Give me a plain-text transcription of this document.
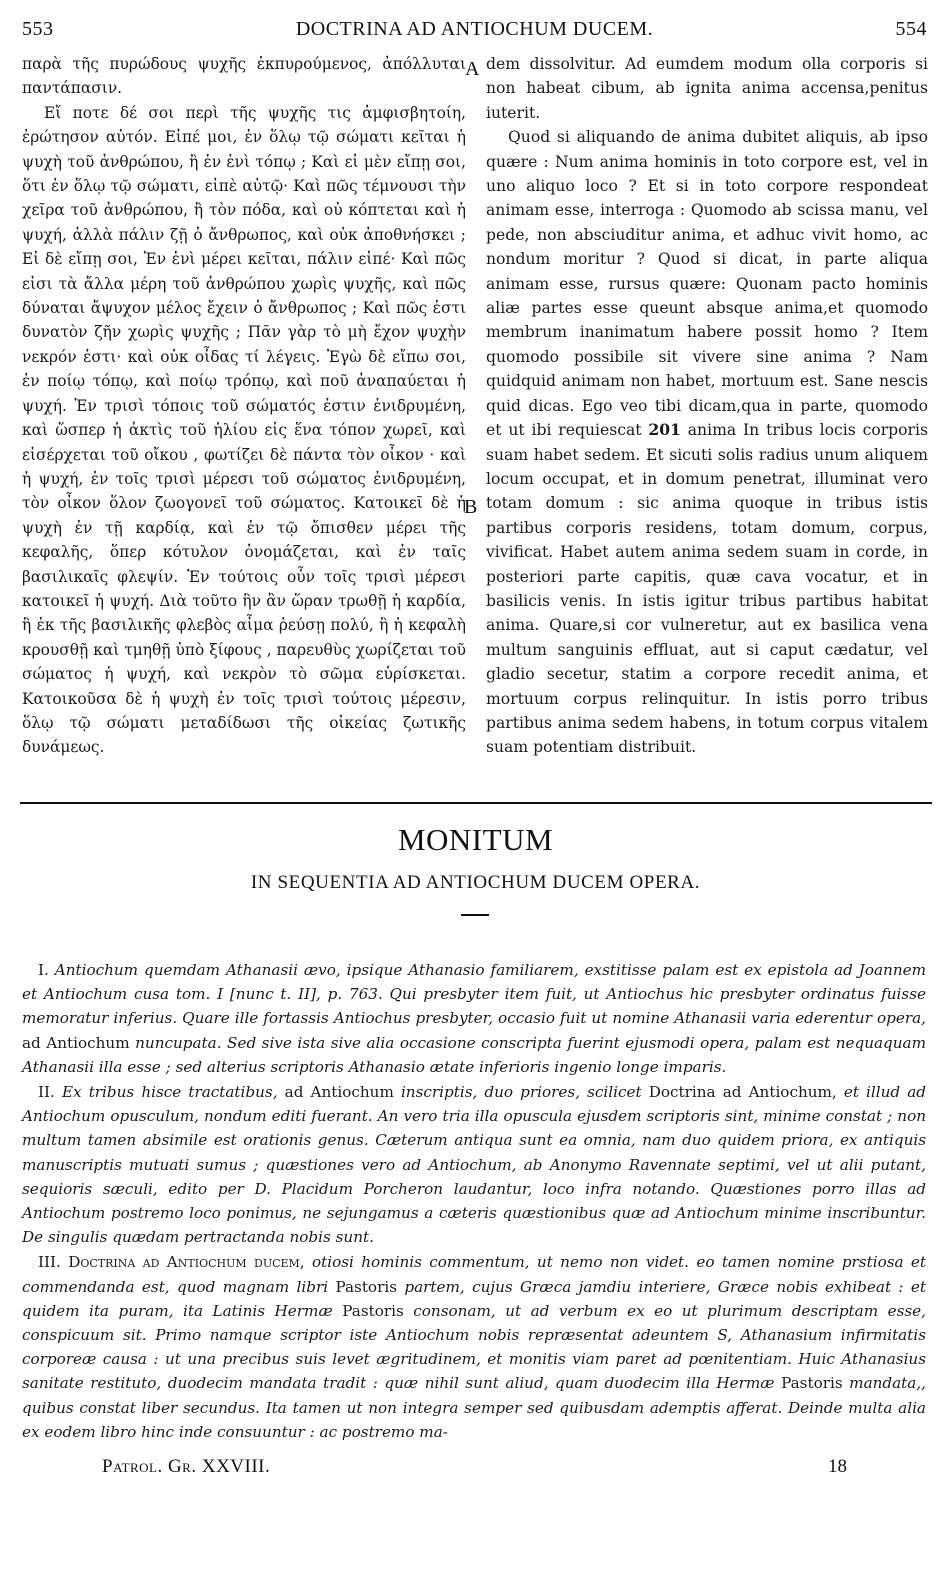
553	DOCTRINA AD ANTIOCHUM DUCEM.	554

παρὰ τῆς πυρώδους ψυχῆς ἐκπυρούμενος, ἀπόλλυται παντάπασιν.

Εἴ ποτε δέ σοι περὶ τῆς ψυχῆς τις ἀμφισβητοίη, ἐρώτησον αὐτόν. Εἰπέ μοι, ἐν ὅλῳ τῷ σώματι κεῖται ἡ ψυχὴ τοῦ ἀνθρώπου, ἢ ἐν ἑνὶ τόπῳ ; Καὶ εἰ μὲν εἴπῃ σοι, ὅτι ἐν ὅλῳ τῷ σώματι, εἰπὲ αὐτῷ· Καὶ πῶς τέμνουσι τὴν χεῖρα τοῦ ἀνθρώπου, ἢ τὸν πόδα, καὶ οὐ κόπτεται καὶ ἡ ψυχή, ἀλλὰ πάλιν ζῇ ὁ ἄνθρωπος, καὶ οὐκ ἀποθνήσκει ; Εἰ δὲ εἴπῃ σοι, Ἐν ἑνὶ μέρει κεῖται, πάλιν εἰπέ· Καὶ πῶς εἰσι τὰ ἄλλα μέρη τοῦ ἀνθρώπου χωρὶς ψυχῆς, καὶ πῶς δύναται ἄψυχον μέλος ἔχειν ὁ ἄνθρωπος ; Καὶ πῶς ἐστι δυνατὸν ζῆν χωρὶς ψυχῆς ; Πᾶν γὰρ τὸ μὴ ἔχον ψυχὴν νεκρόν ἐστι· καὶ οὐκ οἶδας τί λέγεις. Ἐγὼ δὲ εἴπω σοι, ἐν ποίῳ τόπῳ, καὶ ποίῳ τρόπῳ, καὶ ποῦ ἀναπαύεται ἡ ψυχή. Ἐν τρισὶ τόποις τοῦ σώματός ἐστιν ἐνιδρυμένη, καὶ ὥσπερ ἡ ἀκτὶς τοῦ ἡλίου εἰς ἕνα τόπον χωρεῖ, καὶ εἰσέρχεται τοῦ οἴκου , φωτίζει δὲ πάντα τὸν οἶκον · καὶ ἡ ψυχή, ἐν τοῖς τρισὶ μέρεσι τοῦ σώματος ἐνιδρυμένη, τὸν οἶκον ὅλον ζωογονεῖ τοῦ σώματος. Κατοικεῖ δὲ ἡ ψυχὴ ἐν τῇ καρδίᾳ, καὶ ἐν τῷ ὄπισθεν μέρει τῆς κεφαλῆς, ὅπερ κότυλον ὀνομάζεται, καὶ ἐν ταῖς βασιλικαῖς φλεψίν. Ἐν τούτοις οὖν τοῖς τρισὶ μέρεσι κατοικεῖ ἡ ψυχή. Διὰ τοῦτο ἣν ἂν ὥραν τρωθῇ ἡ καρδία, ἢ ἐκ τῆς βασιλικῆς φλεβὸς αἷμα ῥεύσῃ πολύ, ἢ ἡ κεφαλὴ κρουσθῇ καὶ τμηθῇ ὑπὸ ξίφους , παρευθὺς χωρίζεται τοῦ σώματος ἡ ψυχή, καὶ νεκρὸν τὸ σῶμα εὑρίσκεται. Κατοικοῦσα δὲ ἡ ψυχὴ ἐν τοῖς τρισὶ τούτοις μέρεσιν, ὅλῳ τῷ σώματι μεταδίδωσι τῆς οἰκείας ζωτικῆς δυνάμεως.

A
B

dem dissolvitur. Ad eumdem modum olla corporis si non habeat cibum, ab ignita anima accensa,penitus iuterit.

Quod si aliquando de anima dubitet aliquis, ab ipso quære : Num anima hominis in toto corpore est, vel in uno aliquo loco ? Et si in toto corpore respondeat animam esse, interroga : Quomodo ab scissa manu, vel pede, non absciuditur anima, et adhuc vivit homo, ac nondum moritur ? Quod si dicat, in parte aliqua animam esse, rursus quære: Quonam pacto hominis aliæ partes esse queunt absque anima,et quomodo membrum inanimatum habere possit homo ? Item quomodo possibile sit vivere sine anima ? Nam quidquid animam non habet, mortuum est. Sane nescis quid dicas. Ego veo tibi dicam,qua in parte, quomodo et ut ibi requiescat 201 anima In tribus locis corporis suam habet sedem. Et sicuti solis radius unum aliquem locum occupat, et in domum penetrat, illuminat vero totam domum : sic anima quoque in tribus istis partibus corporis residens, totam domum, corpus, vivificat. Habet autem anima sedem suam in corde, in posteriori parte capitis, quæ cava vocatur, et in basilicis venis. In istis igitur tribus partibus habitat anima. Quare,si cor vulneretur, aut ex basilica vena multum sanguinis effluat, aut si caput cædatur, vel gladio secetur, statim a corpore recedit anima, et mortuum corpus relinquitur. In istis porro tribus partibus anima sedem habens, in totum corpus vitalem suam potentiam distribuit.

MONITUM
IN SEQUENTIA AD ANTIOCHUM DUCEM OPERA.

I. Antiochum quemdam Athanasii ævo, ipsique Athanasio familiarem, exstitisse palam est ex epistola ad Joannem et Antiochum cusa tom. I [nunc t. II], p. 763. Qui presbyter item fuit, ut Antiochus hic presbyter ordinatus fuisse memoratur inferius. Quare ille fortassis Antiochus presbyter, occasio fuit ut nomine Athanasii varia ederentur opera, ad Antiochum nuncupata. Sed sive ista sive alia occasione conscripta fuerint ejusmodi opera, palam est nequaquam Athanasii illa esse ; sed alterius scriptoris Athanasio ætate inferioris ingenio longe imparis.

II. Ex tribus hisce tractatibus, ad Antiochum inscriptis, duo priores, scilicet Doctrina ad Antiochum, et illud ad Antiochum opusculum, nondum editi fuerant. An vero tria illa opuscula ejusdem scriptoris sint, minime constat ; non multum tamen absimile est orationis genus. Cæterum antiqua sunt ea omnia, nam duo quidem priora, ex antiquis manuscriptis mutuati sumus ; quæstiones vero ad Antiochum, ab Anonymo Ravennate septimi, vel ut alii putant, sequioris sæculi, edito per D. Placidum Porcheron laudantur, loco infra notando. Quæstiones porro illas ad Antiochum postremo loco ponimus, ne sejungamus a cæteris quæstionibus quæ ad Antiochum minime inscribuntur. De singulis quædam pertractanda nobis sunt.

III. Doctrina ad Antiochum ducem, otiosi hominis commentum, ut nemo non videt. eo tamen nomine prstiosa et commendanda est, quod magnam libri Pastoris partem, cujus Græca jamdiu interiere, Græce nobis exhibeat : et quidem ita puram, ita Latinis Hermæ Pastoris consonam, ut ad verbum ex eo ut plurimum descriptam esse, conspicuum sit. Primo namque scriptor iste Antiochum nobis repræsentat adeuntem S, Athanasium infirmitatis corporeæ causa : ut una precibus suis levet ægritudinem, et monitis viam paret ad pœnitentiam. Huic Athanasius sanitate restituto, duodecim mandata tradit : quæ nihil sunt aliud, quam duodecim illa Hermæ Pastoris mandata,, quibus constat liber secundus. Ita tamen ut non integra semper sed quibusdam ademptis afferat. Deinde multa alia ex eodem libro hinc inde consuuntur : ac postremo ma-

Patrol. Gr. XXVIII.	18
